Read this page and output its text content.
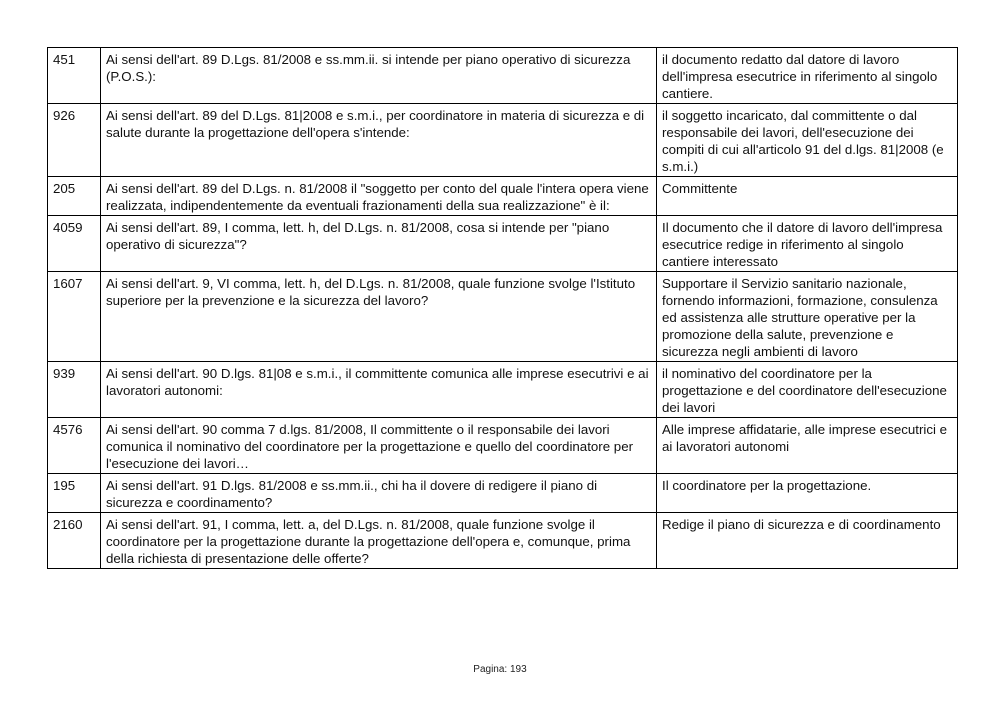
451	Ai sensi dell'art. 89 D.Lgs. 81/2008 e ss.mm.ii. si intende per piano operativo di sicurezza (P.O.S.):	il documento redatto dal datore di lavoro dell'impresa esecutrice in riferimento al singolo cantiere.
926	Ai sensi dell'art. 89 del D.Lgs. 81|2008 e s.m.i., per coordinatore in materia di sicurezza e di salute durante la progettazione dell'opera s'intende:	il soggetto incaricato, dal committente o dal responsabile dei lavori, dell'esecuzione dei compiti di cui all'articolo 91 del d.lgs. 81|2008 (e s.m.i.)
205	Ai sensi dell'art. 89 del D.Lgs. n. 81/2008 il "soggetto per conto del quale l'intera opera viene realizzata, indipendentemente da eventuali frazionamenti della sua realizzazione" è il:	Committente
4059	Ai sensi dell'art. 89, I comma, lett. h, del D.Lgs. n. 81/2008, cosa si intende per "piano operativo di sicurezza"?	Il documento che il datore di lavoro dell'impresa esecutrice redige in riferimento al singolo cantiere interessato
1607	Ai sensi dell'art. 9, VI comma, lett. h, del D.Lgs. n. 81/2008, quale funzione svolge l'Istituto superiore per la prevenzione e la sicurezza del lavoro?	Supportare il Servizio sanitario nazionale, fornendo informazioni, formazione, consulenza ed assistenza alle strutture operative per la promozione della salute, prevenzione e sicurezza negli ambienti di lavoro
939	Ai sensi dell'art. 90 D.lgs. 81|08 e s.m.i., il committente comunica alle imprese esecutrivi e ai lavoratori autonomi:	il nominativo del coordinatore per la progettazione e del coordinatore dell'esecuzione dei lavori
4576	Ai sensi dell'art. 90 comma 7 d.lgs. 81/2008, Il committente o il responsabile dei lavori comunica il nominativo del coordinatore per la progettazione e quello del coordinatore per l'esecuzione dei lavori…	Alle imprese affidatarie, alle imprese esecutrici e ai lavoratori autonomi
195	Ai sensi dell'art. 91 D.lgs. 81/2008 e ss.mm.ii., chi ha il dovere di redigere il piano di sicurezza e coordinamento?	Il coordinatore per la progettazione.
2160	Ai sensi dell'art. 91, I comma, lett. a, del D.Lgs. n. 81/2008, quale funzione svolge il coordinatore per la progettazione durante la progettazione dell'opera e, comunque, prima della richiesta di presentazione delle offerte?	Redige il piano di sicurezza e di coordinamento
Pagina: 193
